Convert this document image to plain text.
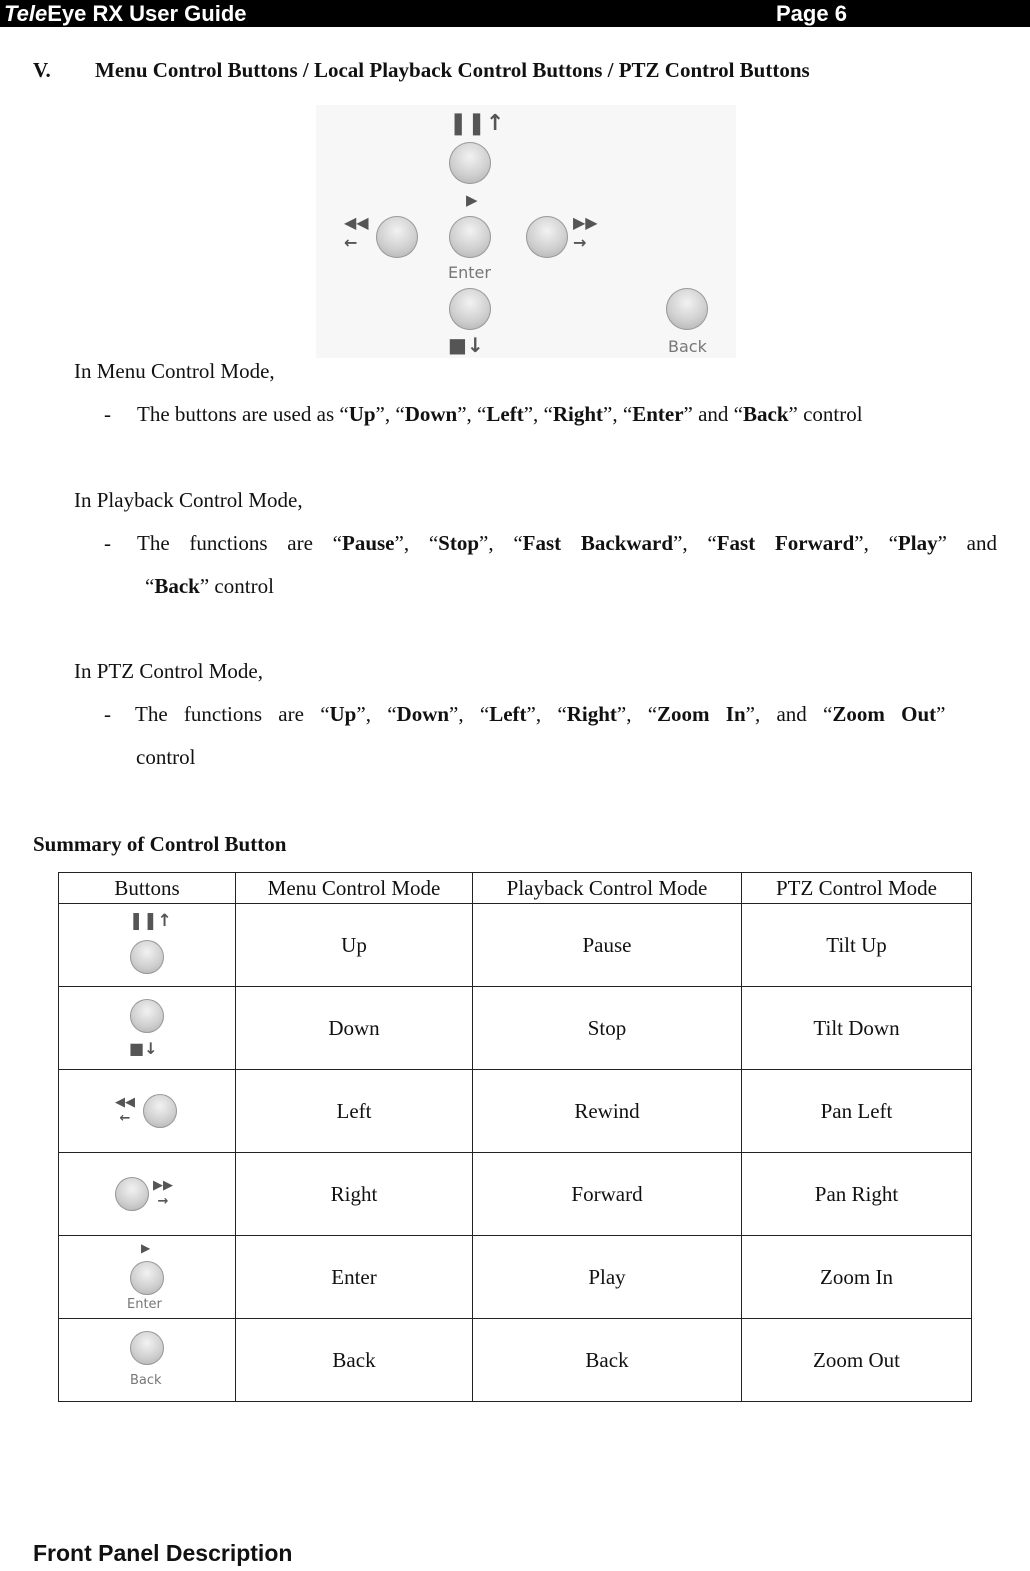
TeleEye RX User Guide	Page 6
V. Menu Control Buttons / Local Playback Control Buttons / PTZ Control Buttons
❚❚↑
▶
Enter
◀◀
←
▶▶
→
■↓	Back
In Menu Control Mode,
- The buttons are used as “Up”, “Down”, “Left”, “Right”, “Enter” and “Back” control
In Playback Control Mode,
- The functions are “Pause”, “Stop”, “Fast Backward”, “Fast Forward”, “Play” and
“Back” control
In PTZ Control Mode,
- The functions are “Up”, “Down”, “Left”, “Right”, “Zoom In”, and “Zoom Out”
control
Summary of Control Button
Buttons	Menu Control Mode	Playback Control Mode	PTZ Control Mode

❚❚↑	Up	Pause	Tilt Up

■↓	Down	Stop	Tilt Down

◀◀
←	Left	Rewind	Pan Left

▶▶
→	Right	Forward	Pan Right

▶
Enter	Enter	Play	Zoom In

Back	Back	Back	Zoom Out
Front Panel Description
